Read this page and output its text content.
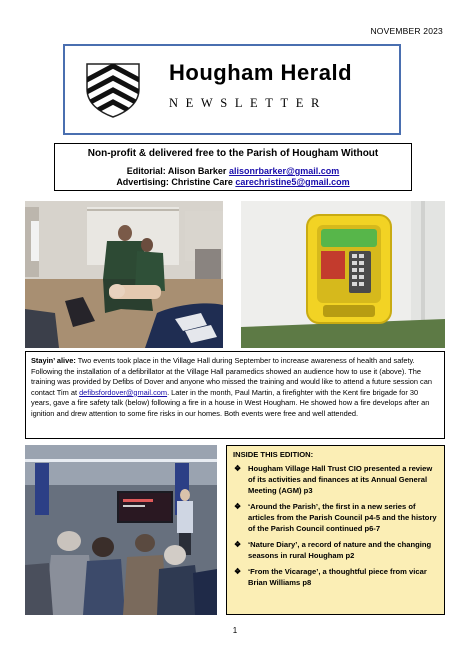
NOVEMBER 2023
Hougham Herald
NEWSLETTER
Non-profit & delivered free to the Parish of Hougham Without
Editorial: Alison Barker alisonrbarker@gmail.com
Advertising: Christine Care carechristine5@gmail.com
Stayin’ alive: Two events took place in the Village Hall during September to increase awareness of health and safety. Following the installation of a defibrillator at the Village Hall paramedics showed an audience how to use it (above). The training was provided by Defibs of Dover and anyone who missed the training and would like to attend a future session can contact Tim at defibsfordover@gmail.com. Later in the month, Paul Martin, a firefighter with the Kent fire brigade for 30 years, gave a fire safety talk (below) following a fire in a house in West Hougham. He showed how a fire develops after an ignition and drew attention to some fire risks in our homes. Both events were free and well attended.
INSIDE THIS EDITION:
❖ Hougham Village Hall Trust CIO presented a review of its activities and finances at its Annual General Meeting (AGM) p3
❖ ‘Around the Parish’, the first in a new series of articles from the Parish Council p4-5 and the history of the Parish Council continued p6-7
❖ ‘Nature Diary’, a record of nature and the changing seasons in rural Hougham p2
❖ ‘From the Vicarage’, a thoughtful piece from vicar Brian Williams p8
1
